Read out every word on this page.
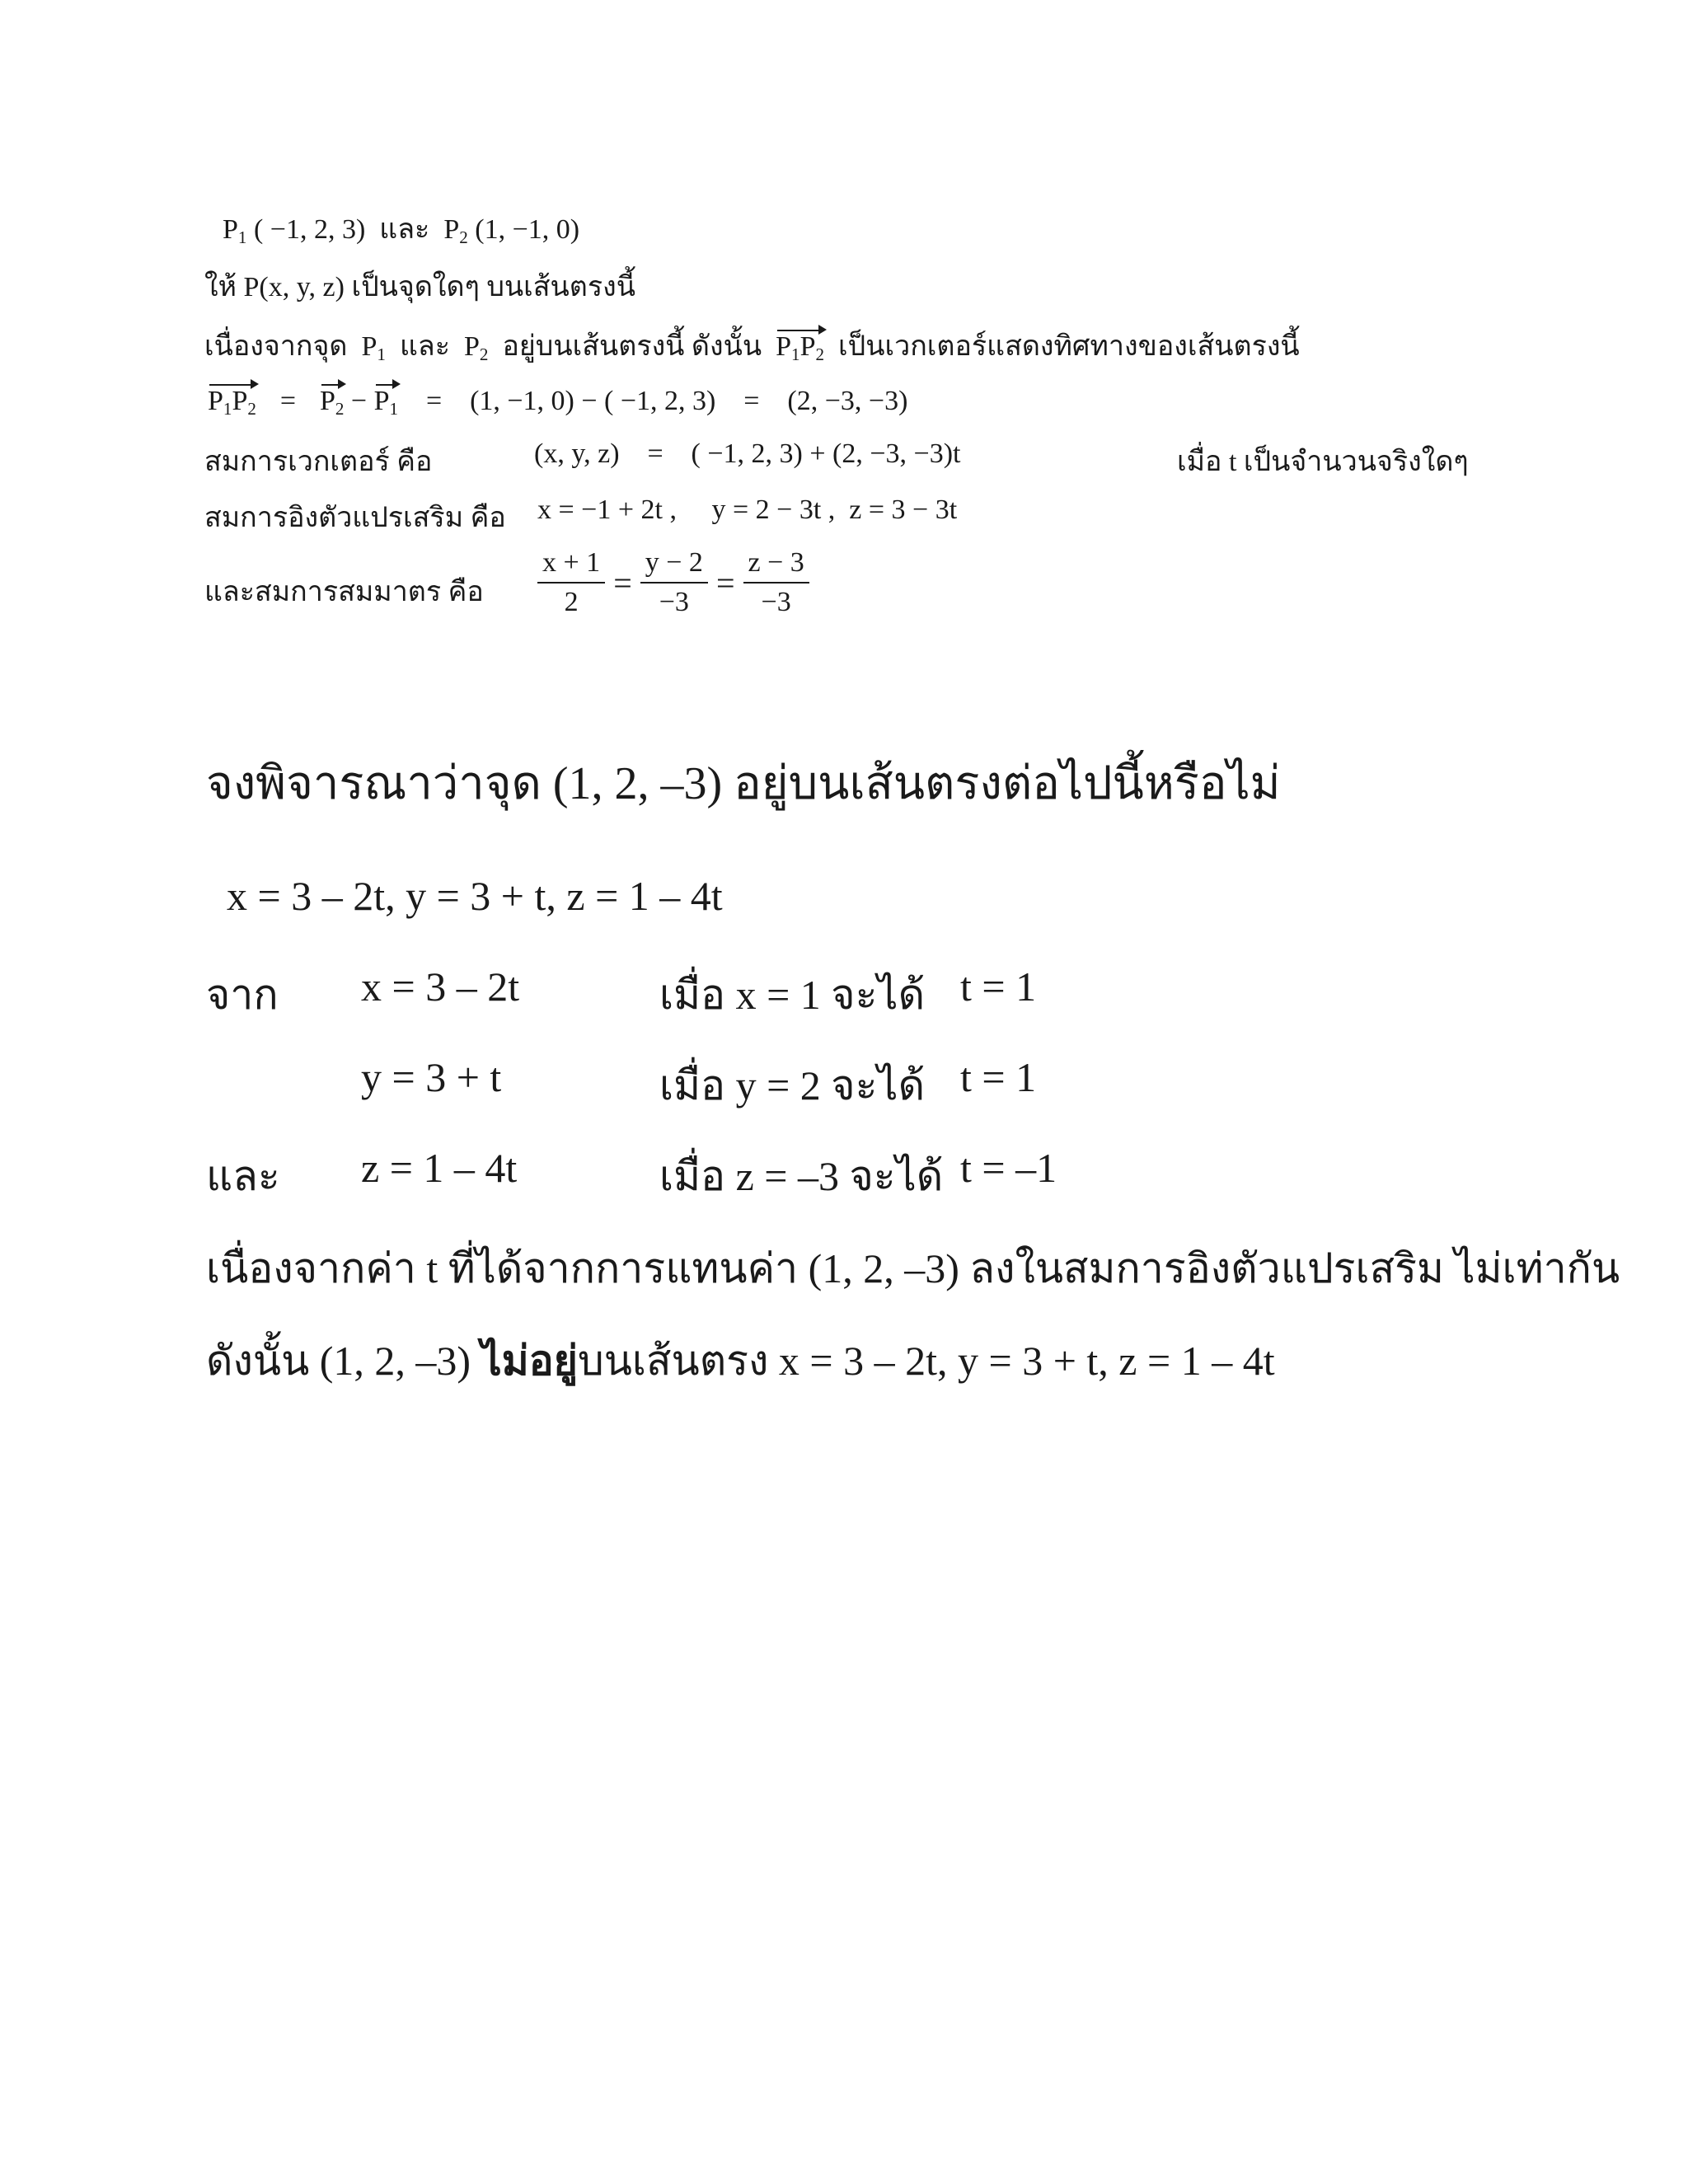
$P_1$ ( −1, 2, 3) และ $P_2$ (1, −1, 0)
ให้ P(x, y, z) เป็นจุดใดๆ บนเส้นตรงนี้
เนื่องจากจุด $P_1$ และ $P_2$ อยู่บนเส้นตรงนี้ ดังนั้น $P_1P_2$ เป็นเวกเตอร์แสดงทิศทางของเส้นตรงนี้
$P_1P_2 = P_2 - P_1 = (1$, −1, 0) − ( −1, 2, 3) = (2, −3, −3)
สมการเวกเตอร์ คือ	(x, y, z) = ( −1, 2, 3) + (2, −3, −3)t	เมื่อ t เป็นจำนวนจริงใดๆ
สมการอิงตัวแปรเสริม คือ x = −1 + 2t , y = 2 − 3t , z = 3 − 3t
และสมการสมมาตร คือ $\frac{x + 1}{2} = \frac{y - 2}{-3} = \frac{z - 3}{-3}$
จงพิจารณาว่าจุด (1, 2, –3) อยู่บนเส้นตรงต่อไปนี้หรือไม่
x = 3 – 2t, y = 3 + t, z = 1 – 4t
จาก x = 3 – 2t	เมื่อ x = 1 จะได้ t = 1
y = 3 + t	เมื่อ y = 2 จะได้ t = 1
และ z = 1 – 4t	เมื่อ z = –3 จะได้ t = –1
เนื่องจากค่า t ที่ได้จากการแทนค่า (1, 2, –3) ลงในสมการอิงตัวแปรเสริม ไม่เท่ากัน
ดังนั้น (1, 2, –3) ไม่อยู่บนเส้นตรง x = 3 – 2t, y = 3 + t, z = 1 – 4t
